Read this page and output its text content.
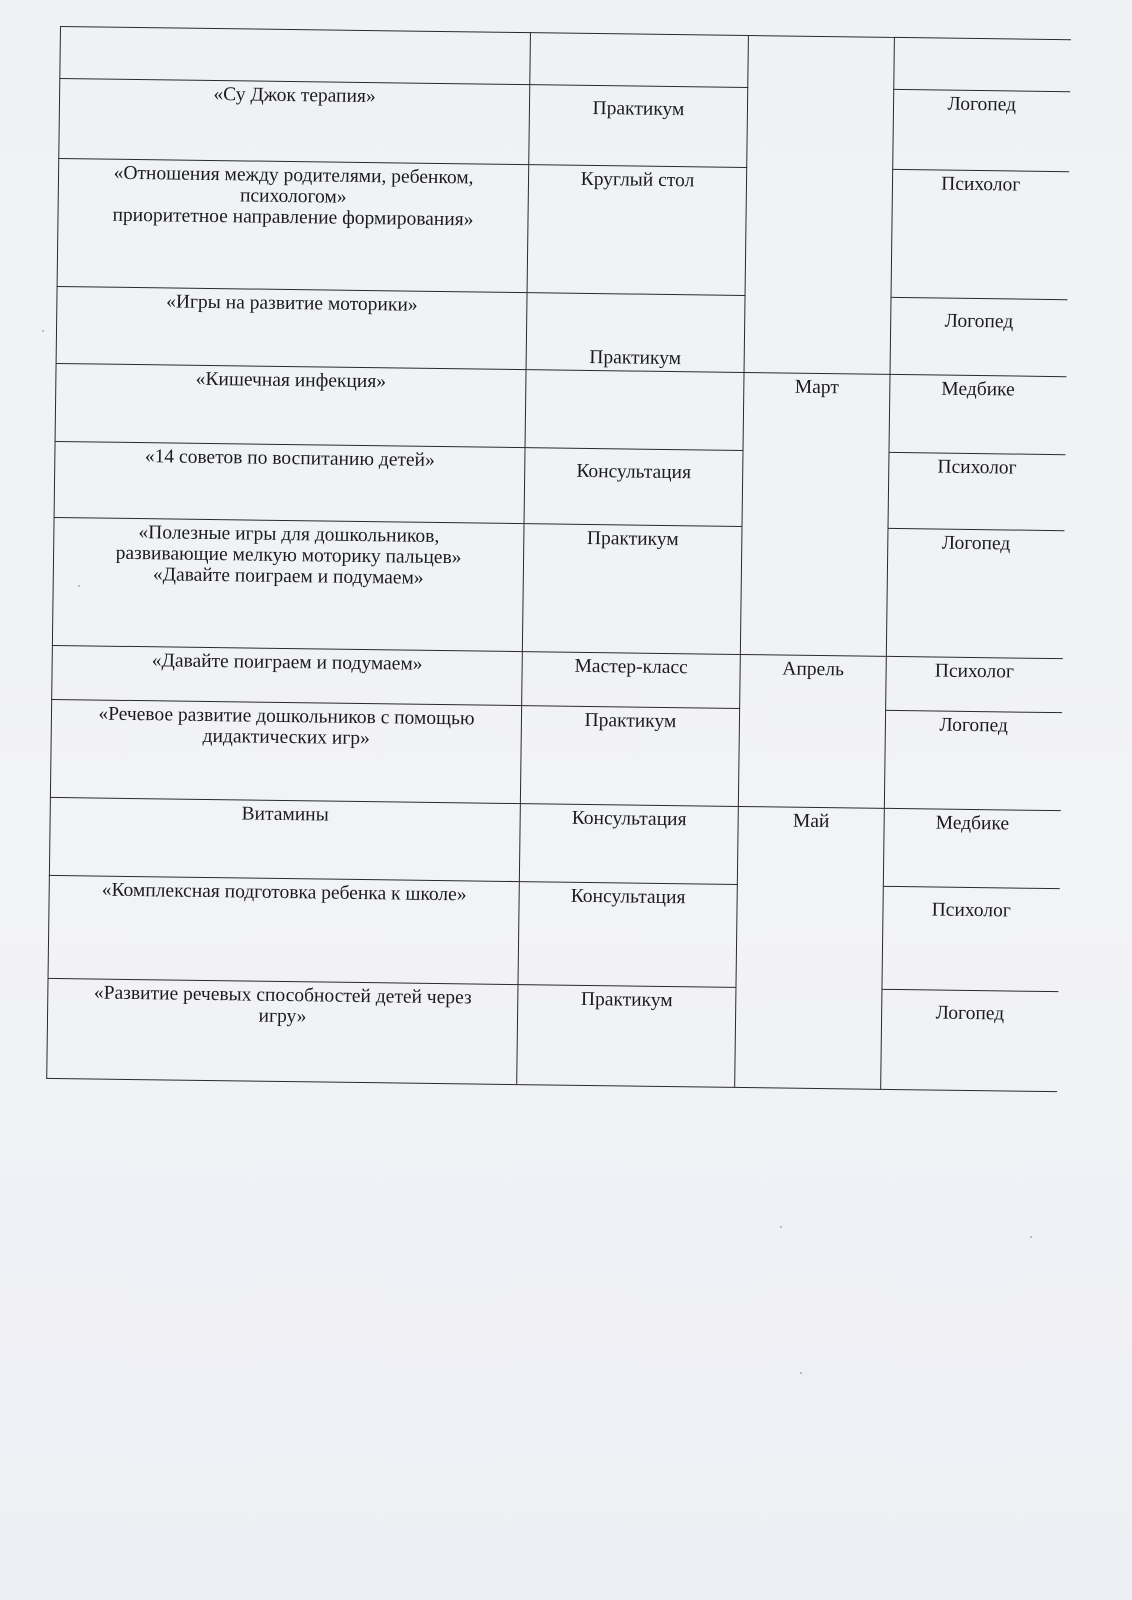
«Су Джок терапия»	Практикум		Логопед

«Отношения между родителями, ребенком,
психологом»
приоритетное направление формирования»	Круглый стол		Психолог
«Игры на развитие моторики»	Практикум		Логопед
«Кишечная инфекция»		Март	Медбике
«14 советов по воспитанию детей»	Консультация		Психолог

«Полезные игры для дошкольников,
развивающие мелкую моторику пальцев»
«Давайте поиграем и подумаем»	Практикум		Логопед
«Давайте поиграем и подумаем»	Мастер-класс	Апрель	Психолог

«Речевое развитие дошкольников с помощью
дидактических игр»	Практикум		Логопед
Витамины	Консультация	Май	Медбике
«Комплексная подготовка ребенка к школе»	Консультация		Психолог

«Развитие речевых способностей детей через
игру»	Практикум		Логопед
